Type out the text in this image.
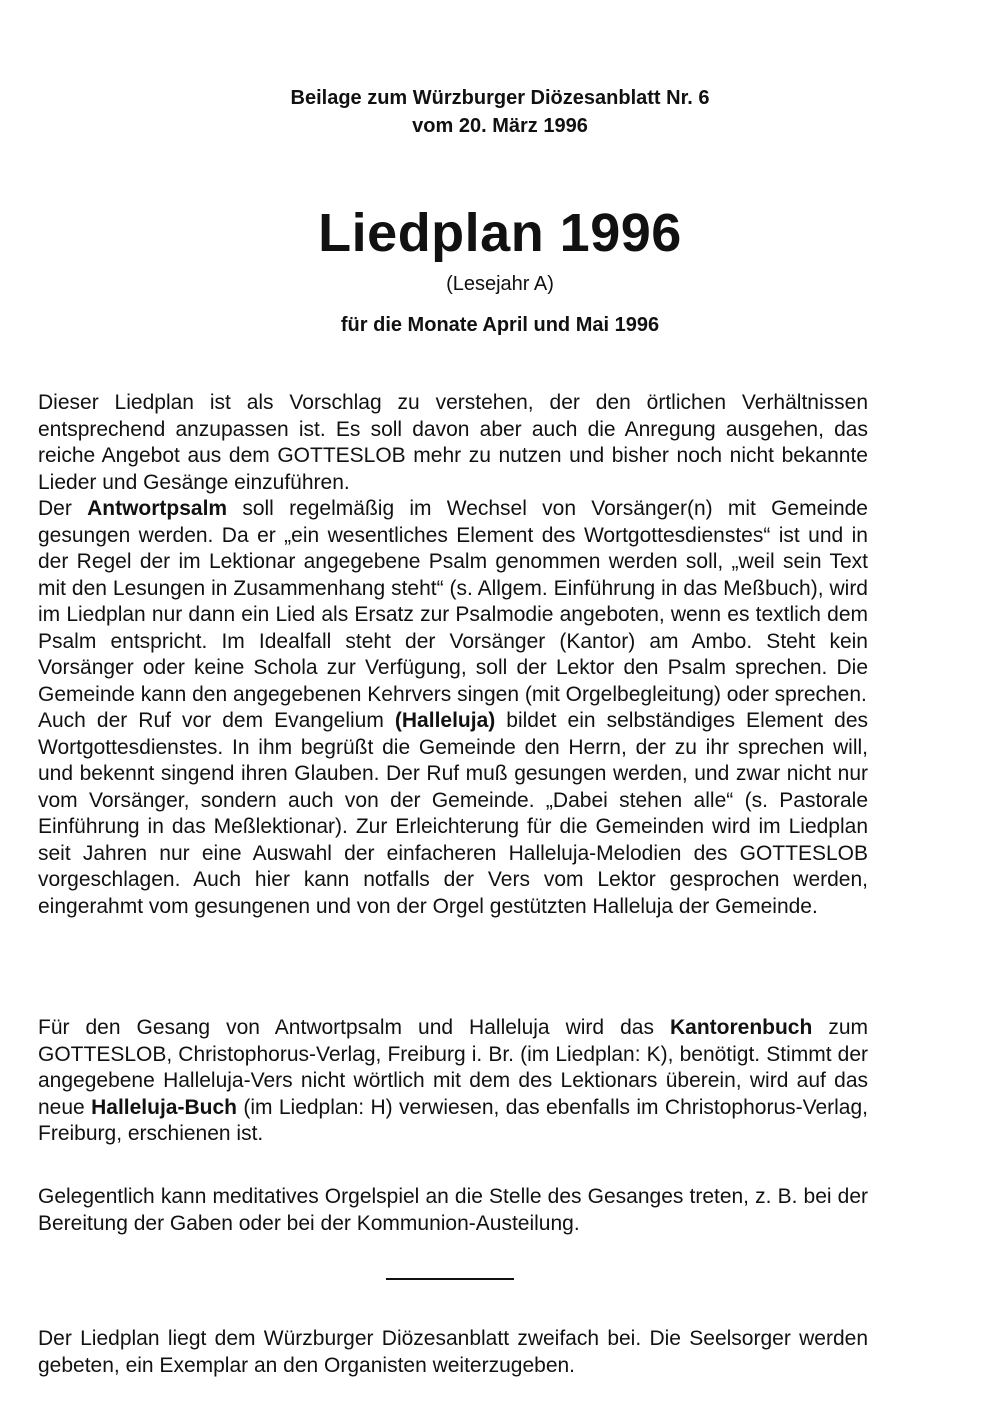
Beilage zum Würzburger Diözesanblatt Nr. 6
vom 20. März 1996
Liedplan 1996
(Lesejahr A)
für die Monate April und Mai 1996

Dieser Liedplan ist als Vorschlag zu verstehen, der den örtlichen Verhältnissen entsprechend anzupassen ist. Es soll davon aber auch die Anregung ausgehen, das reiche Angebot aus dem GOTTESLOB mehr zu nutzen und bisher noch nicht bekannte Lieder und Gesänge einzuführen.

Der Antwortpsalm soll regelmäßig im Wechsel von Vorsänger(n) mit Gemeinde gesungen werden. Da er „ein wesentliches Element des Wortgottesdienstes“ ist und in der Regel der im Lektionar angegebene Psalm genommen werden soll, „weil sein Text mit den Lesungen in Zusammenhang steht“ (s. Allgem. Einführung in das Meßbuch), wird im Liedplan nur dann ein Lied als Ersatz zur Psalmodie angeboten, wenn es textlich dem Psalm entspricht. Im Idealfall steht der Vorsänger (Kantor) am Ambo. Steht kein Vorsänger oder keine Schola zur Verfügung, soll der Lektor den Psalm sprechen. Die Gemeinde kann den angegebenen Kehrvers singen (mit Orgelbegleitung) oder sprechen.

Auch der Ruf vor dem Evangelium (Halleluja) bildet ein selbständiges Element des Wortgottesdienstes. In ihm begrüßt die Gemeinde den Herrn, der zu ihr sprechen will, und bekennt singend ihren Glauben. Der Ruf muß gesungen werden, und zwar nicht nur vom Vorsänger, sondern auch von der Gemeinde. „Dabei stehen alle“ (s. Pastorale Einführung in das Meßlektionar). Zur Erleichterung für die Gemeinden wird im Liedplan seit Jahren nur eine Auswahl der einfacheren Halleluja-Melodien des GOTTESLOB vorgeschlagen. Auch hier kann notfalls der Vers vom Lektor gesprochen werden, eingerahmt vom gesungenen und von der Orgel gestützten Halleluja der Gemeinde.

Für den Gesang von Antwortpsalm und Halleluja wird das Kantorenbuch zum GOTTESLOB, Christophorus-Verlag, Freiburg i. Br. (im Liedplan: K), benötigt. Stimmt der angegebene Halleluja-Vers nicht wörtlich mit dem des Lektionars überein, wird auf das neue Halleluja-Buch (im Liedplan: H) verwiesen, das ebenfalls im Christophorus-Verlag, Freiburg, erschienen ist.

Gelegentlich kann meditatives Orgelspiel an die Stelle des Gesanges treten, z. B. bei der Bereitung der Gaben oder bei der Kommunion-Austeilung.

Der Liedplan liegt dem Würzburger Diözesanblatt zweifach bei. Die Seelsorger werden gebeten, ein Exemplar an den Organisten weiterzugeben.
